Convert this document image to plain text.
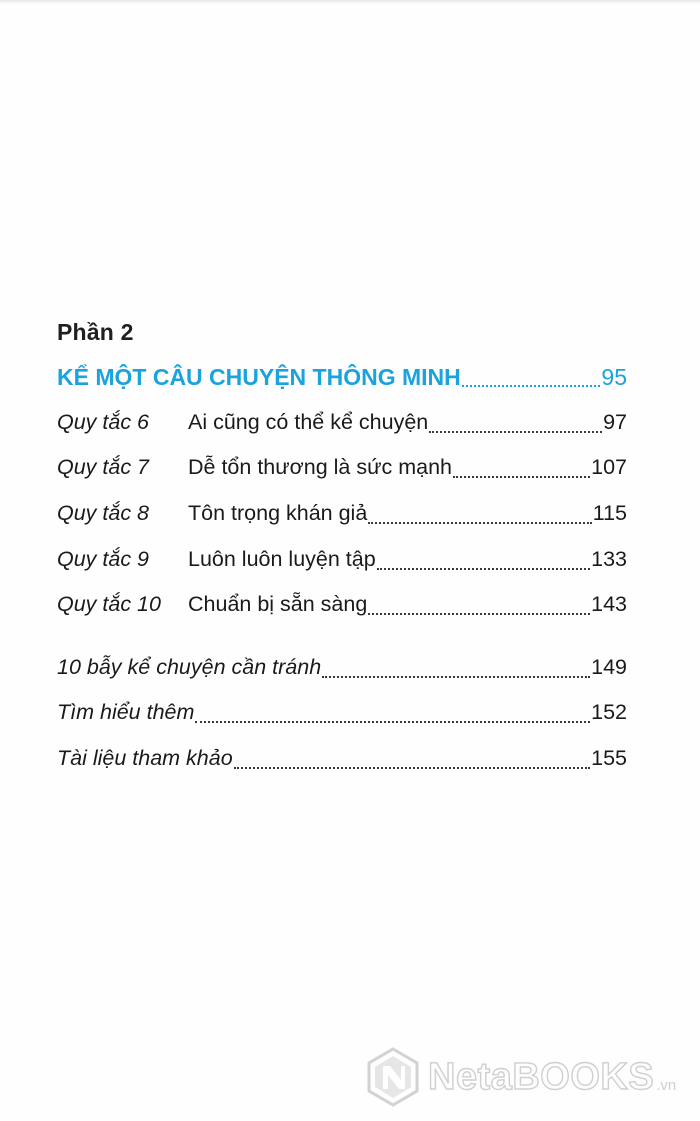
Phần 2
KỂ MỘT CÂU CHUYỆN THÔNG MINH	95
Quy tắc 6	Ai cũng có thể kể chuyện	97
Quy tắc 7	Dễ tổn thương là sức mạnh	107
Quy tắc 8	Tôn trọng khán giả	115
Quy tắc 9	Luôn luôn luyện tập	133
Quy tắc 10	Chuẩn bị sẵn sàng	143
10 bẫy kể chuyện cần tránh	149
Tìm hiểu thêm	152
Tài liệu tham khảo	155
NetaBOOKS .vn
